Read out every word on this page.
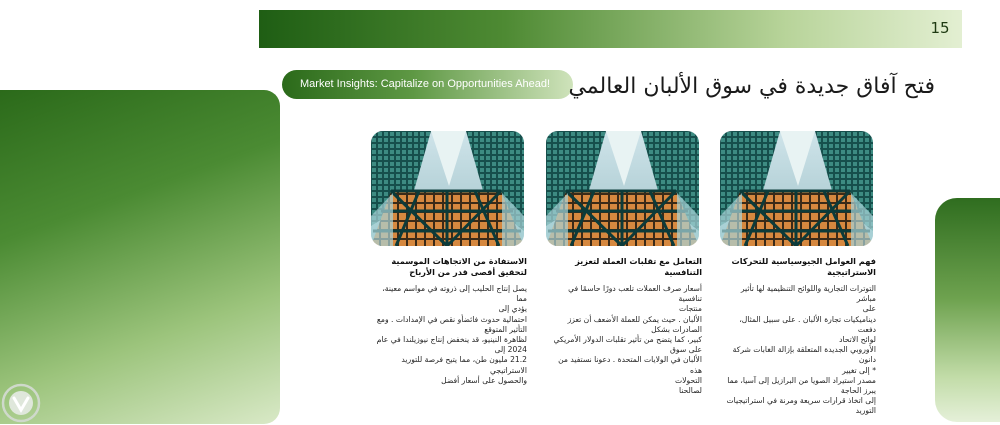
15
Market Insights: Capitalize on Opportunities Ahead! فتح آفاق جديدة في سوق الألبان العالمي
فهم العوامل الجيوسياسية للتحركات الاستراتيجية
التوترات التجارية واللوائح التنظيمية لها تأثير مباشر
على
ديناميكيات تجارة الألبان . على سبيل المثال، دفعت
لوائح الاتحاد
الأوروبي الجديدة المتعلقة بإزالة الغابات شركة دانون
* إلى تغيير
مصدر استيراد الصويا من البرازيل إلى آسيا، مما
يبرز الحاجة
إلى اتخاذ قرارات سريعة ومرنة في استراتيجيات
التوريد
التعامل مع تقلبات العملة لتعزيز التنافسية
أسعار صرف العملات تلعب دورًا حاسمًا في تنافسية
منتجات
الألبان . حيث يمكن للعملة الأضعف أن تعزز
الصادرات بشكل
كبير، كما يتضح من تأثير تقلبات الدولار الأمريكي
على سوق
الألبان في الولايات المتحدة . دعونا نستفيد من هذه
التحولات
لصالحنا
الاستفادة من الاتجاهات الموسمية لتحقيق أقصى قدر من الأرباح
يصل إنتاج الحليب إلى ذروته في مواسم معينة، مما
يؤدي إلى
احتمالية حدوث فائضأو نقص في الإمدادات . ومع
التأثير المتوقع
لظاهرة النينيو، قد ينخفض إنتاج نيوزيلندا في عام
2024 إلى
21.2 مليون طن، مما يتيح فرصة للتوريد
الاستراتيجي
والحصول على أسعار أفضل
